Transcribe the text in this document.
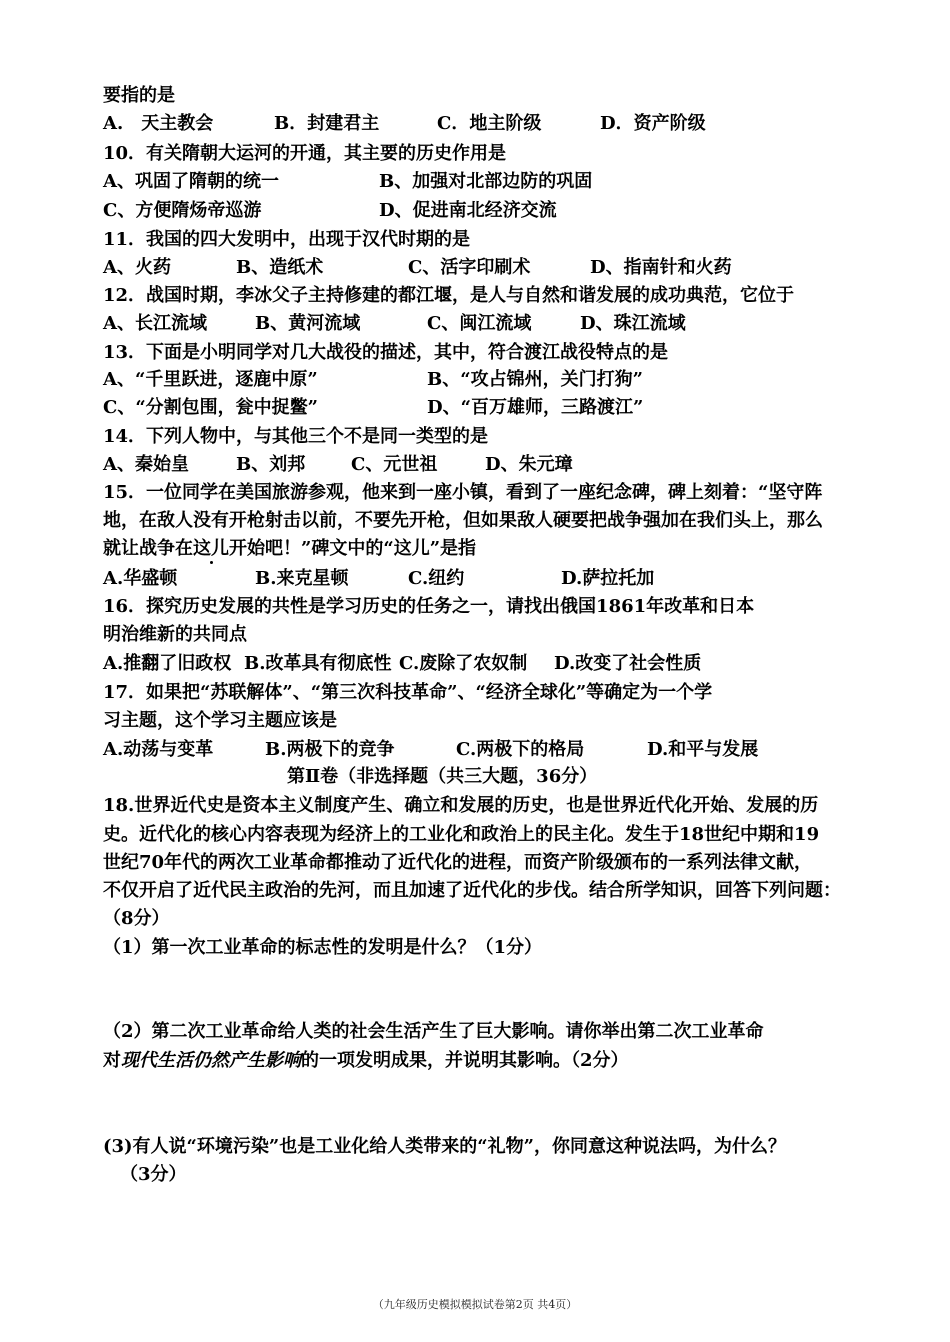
要指的是
A.　天主教会	B．封建君主	C．地主阶级	D．资产阶级
10．有关隋朝大运河的开通，其主要的历史作用是
A、巩固了隋朝的统一	B、加强对北部边防的巩固
C、方便隋炀帝巡游	D、促进南北经济交流
11．我国的四大发明中，出现于汉代时期的是
A、火药	B、造纸术	C、活字印刷术	D、指南针和火药
12．战国时期，李冰父子主持修建的都江堰，是人与自然和谐发展的成功典范，它位于
A、长江流域	B、黄河流域	C、闽江流域	D、珠江流域
13．下面是小明同学对几大战役的描述，其中，符合渡江战役特点的是
A、“千里跃进，逐鹿中原”	B、“攻占锦州，关门打狗”
C、“分割包围，瓮中捉鳖”	D、“百万雄师，三路渡江”
14．下列人物中，与其他三个不是同一类型的是
A、秦始皇	B、刘邦	C、元世祖	D、朱元璋
15．一位同学在美国旅游参观，他来到一座小镇，看到了一座纪念碑，碑上刻着：“坚守阵
地，在敌人没有开枪射击以前，不要先开枪，但如果敌人硬要把战争强加在我们头上，那么
就让战争在这儿开始吧！”碑文中的“这儿”是指
A.华盛顿	B.来克星顿	C.纽约	D.萨拉托加
16．探究历史发展的共性是学习历史的任务之一，请找出俄国1861年改革和日本
明治维新的共同点
A.推翻了旧政权 B.改革具有彻底性 C.废除了农奴制 D.改变了社会性质
17．如果把“苏联解体”、“第三次科技革命”、“经济全球化”等确定为一个学
习主题，这个学习主题应该是
A.动荡与变革	B.两极下的竞争	C.两极下的格局	D.和平与发展
第Ⅱ卷（非选择题（共三大题，36分）
18.世界近代史是资本主义制度产生、确立和发展的历史，也是世界近代化开始、发展的历
史。近代化的核心内容表现为经济上的工业化和政治上的民主化。发生于18世纪中期和19
世纪70年代的两次工业革命都推动了近代化的进程，而资产阶级颁布的一系列法律文献，
不仅开启了近代民主政治的先河，而且加速了近代化的步伐。结合所学知识，回答下列问题：
（8分）
（1）第一次工业革命的标志性的发明是什么？（1分）
（2）第二次工业革命给人类的社会生活产生了巨大影响。请你举出第二次工业革命
对现代生活仍然产生影响的一项发明成果，并说明其影响。（2分）
(3)有人说“环境污染”也是工业化给人类带来的“礼物”，你同意这种说法吗，为什么？
（3分）
（九年级历史模拟模拟试卷第2页 共4页）
